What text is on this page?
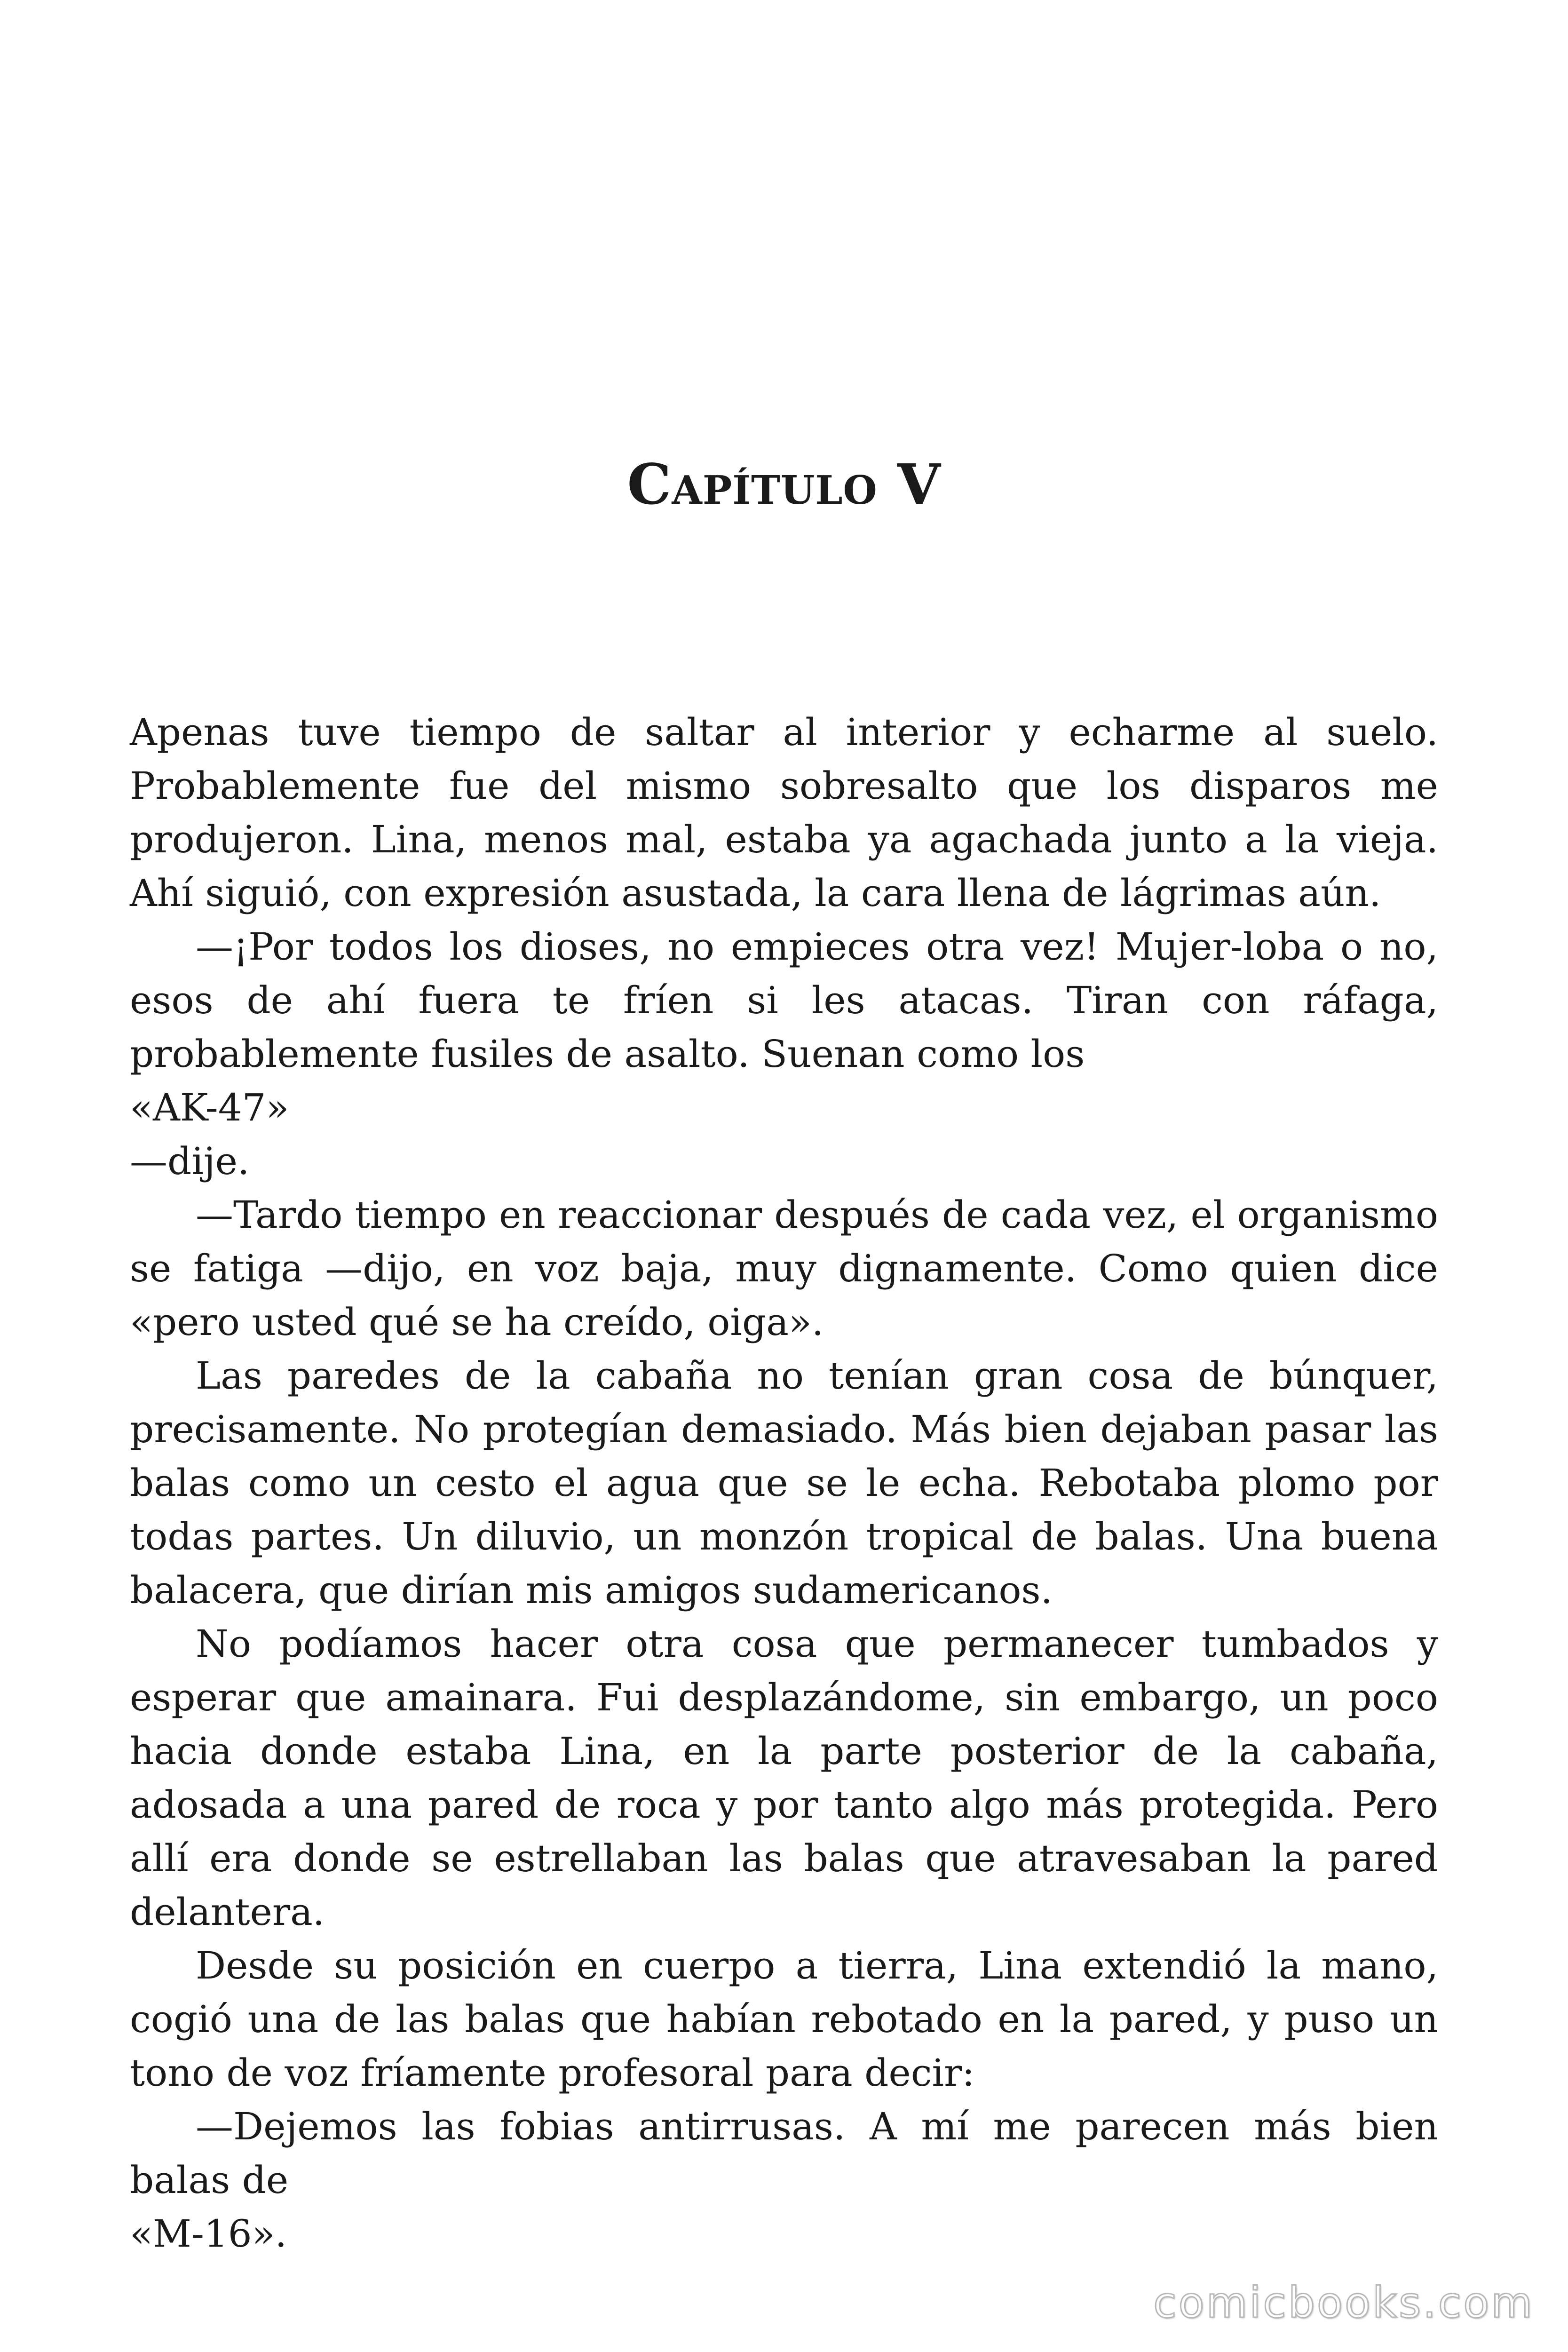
Capítulo V

Apenas tuve tiempo de saltar al interior y echarme al suelo. Probablemente fue del mismo sobresalto que los disparos me produjeron. Lina, menos mal, estaba ya agachada junto a la vieja. Ahí siguió, con expresión asustada, la cara llena de lágrimas aún.

—¡Por todos los dioses, no empieces otra vez! Mujer-loba o no, esos de ahí fuera te fríen si les atacas. Tiran con ráfaga, probablemente fusiles de asalto. Suenan como los

«AK-47»

—dije.

—Tardo tiempo en reaccionar después de cada vez, el organismo se fatiga —dijo, en voz baja, muy dignamente. Como quien dice «pero usted qué se ha creído, oiga».

Las paredes de la cabaña no tenían gran cosa de búnquer, precisamente. No protegían demasiado. Más bien dejaban pasar las balas como un cesto el agua que se le echa. Rebotaba plomo por todas partes. Un diluvio, un monzón tropical de balas. Una buena balacera, que dirían mis amigos sudamericanos.

No podíamos hacer otra cosa que permanecer tumbados y esperar que amainara. Fui desplazándome, sin embargo, un poco hacia donde estaba Lina, en la parte posterior de la cabaña, adosada a una pared de roca y por tanto algo más protegida. Pero allí era donde se estrellaban las balas que atravesaban la pared delantera.

Desde su posición en cuerpo a tierra, Lina extendió la mano, cogió una de las balas que habían rebotado en la pared, y puso un tono de voz fríamente profesoral para decir:

—Dejemos las fobias antirrusas. A mí me parecen más bien balas de

«M-16».

comicbooks.com
